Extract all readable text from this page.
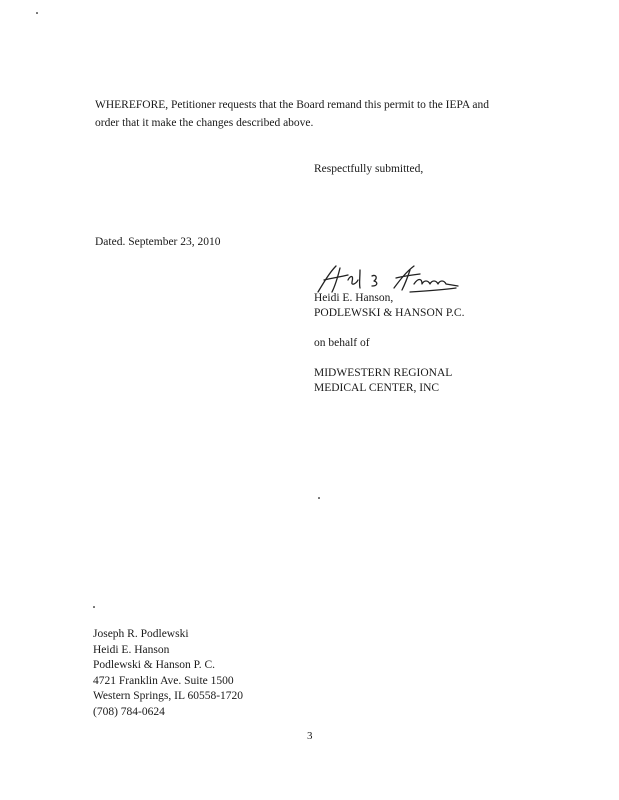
WHEREFORE, Petitioner requests that the Board remand this permit to the IEPA and
order that it make the changes described above.
Respectfully submitted,
Dated. September 23, 2010
Heidi E. Hanson,
PODLEWSKI & HANSON P.C.
on behalf of
MIDWESTERN REGIONAL
MEDICAL CENTER, INC
Joseph R. Podlewski
Heidi E. Hanson
Podlewski & Hanson P. C.
4721 Franklin Ave. Suite 1500
Western Springs, IL 60558-1720
(708) 784-0624
3
